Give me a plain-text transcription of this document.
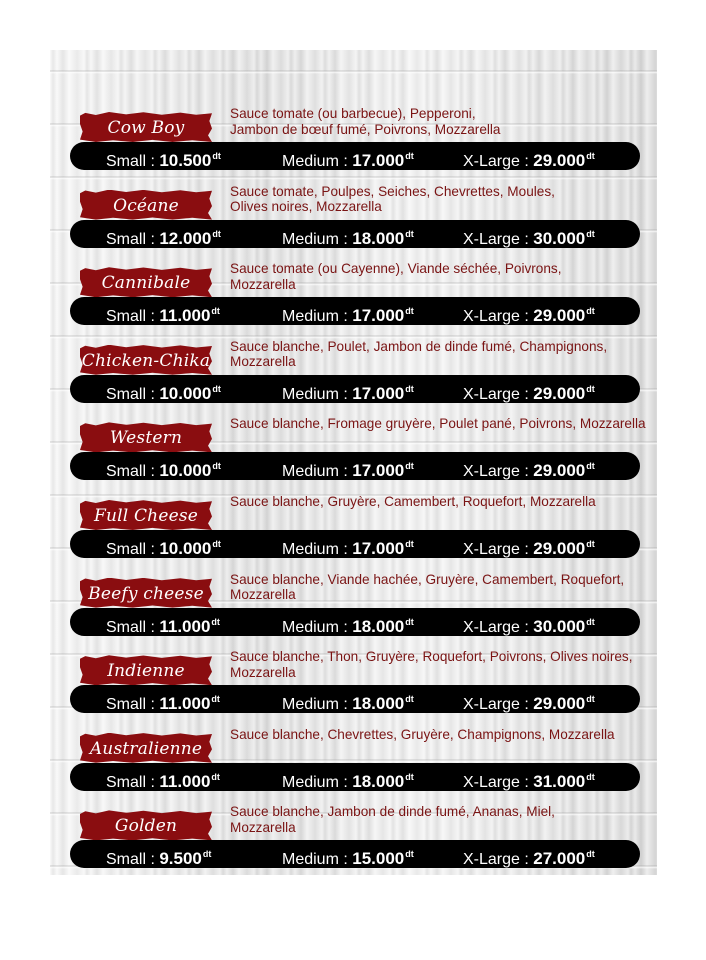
Cow Boy
Sauce tomate (ou barbecue), Pepperoni,
Jambon de bœuf fumé, Poivrons, Mozzarella
Small : $10.500^{dt}$	Medium : $17.000^{dt}$	X-Large : $29.000^{dt}$
Océane
Sauce tomate, Poulpes, Seiches, Chevrettes, Moules,
Olives noires, Mozzarella
Small : $12.000^{dt}$	Medium : $18.000^{dt}$	X-Large : $30.000^{dt}$
Cannibale
Sauce tomate (ou Cayenne), Viande séchée, Poivrons,
Mozzarella
Small : $11.000^{dt}$	Medium : $17.000^{dt}$	X-Large : $29.000^{dt}$
Chicken-Chika
Sauce blanche, Poulet, Jambon de dinde fumé, Champignons,
Mozzarella
Small : $10.000^{dt}$	Medium : $17.000^{dt}$	X-Large : $29.000^{dt}$
Western
Sauce blanche, Fromage gruyère, Poulet pané, Poivrons, Mozzarella
Small : $10.000^{dt}$	Medium : $17.000^{dt}$	X-Large : $29.000^{dt}$
Full Cheese
Sauce blanche, Gruyère, Camembert, Roquefort, Mozzarella
Small : $10.000^{dt}$	Medium : $17.000^{dt}$	X-Large : $29.000^{dt}$
Beefy cheese
Sauce blanche, Viande hachée, Gruyère, Camembert, Roquefort,
Mozzarella
Small : $11.000^{dt}$	Medium : $18.000^{dt}$	X-Large : $30.000^{dt}$
Indienne
Sauce blanche, Thon, Gruyère, Roquefort, Poivrons, Olives noires,
Mozzarella
Small : $11.000^{dt}$	Medium : $18.000^{dt}$	X-Large : $29.000^{dt}$
Australienne
Sauce blanche, Chevrettes, Gruyère, Champignons, Mozzarella
Small : $11.000^{dt}$	Medium : $18.000^{dt}$	X-Large : $31.000^{dt}$
Golden
Sauce blanche, Jambon de dinde fumé, Ananas, Miel,
Mozzarella
Small : $9.500^{dt}$	Medium : $15.000^{dt}$	X-Large : $27.000^{dt}$
